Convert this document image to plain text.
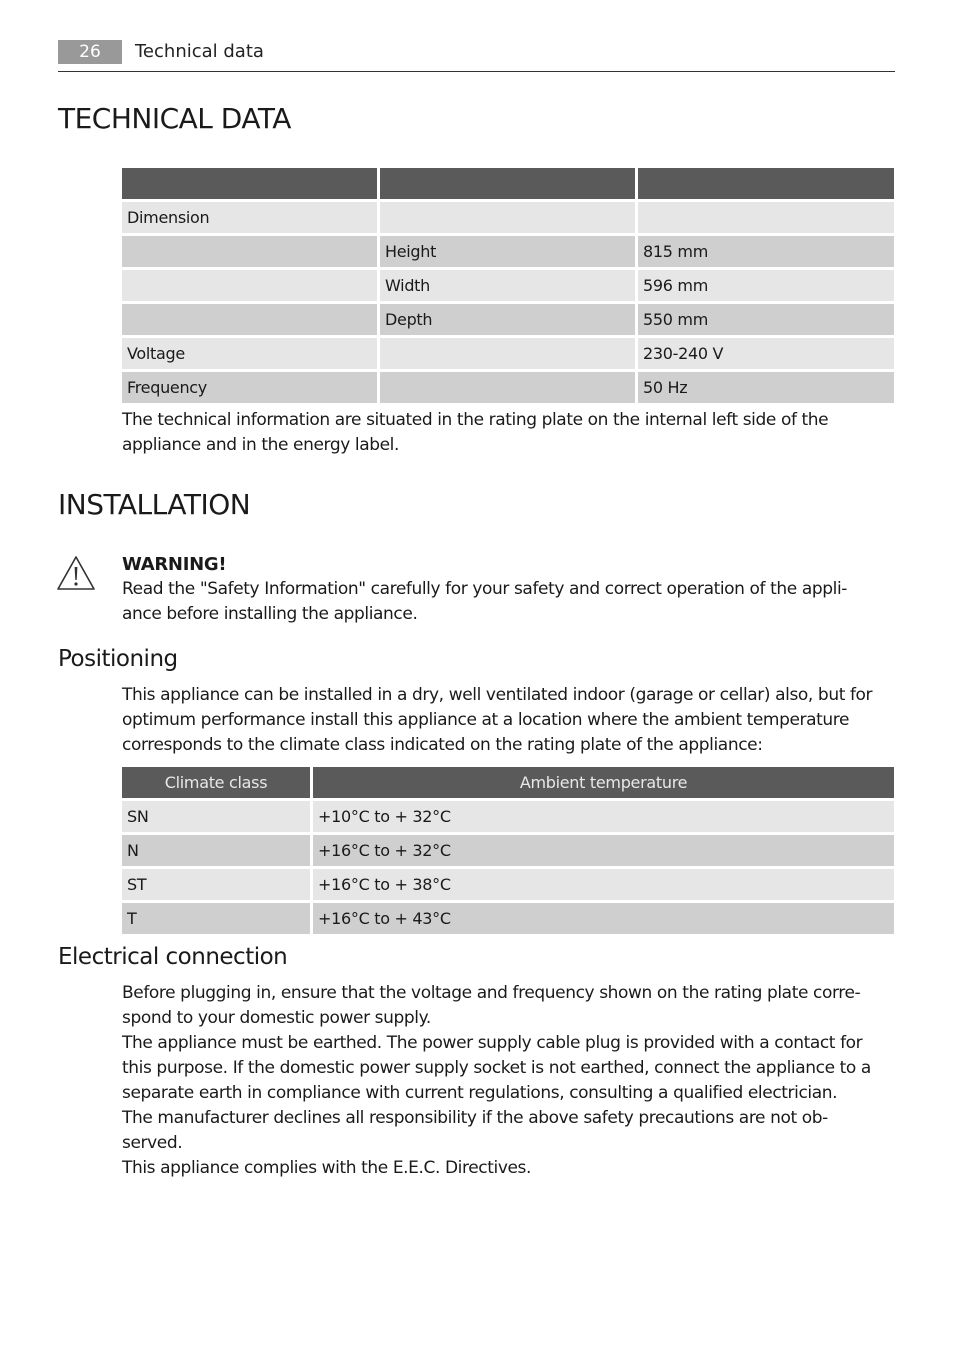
26	Technical data
TECHNICAL DATA

Dimension		
	Height	815 mm
	Width	596 mm
	Depth	550 mm
Voltage		230-240 V
Frequency		50 Hz
The technical information are situated in the rating plate on the internal left side of the
appliance and in the energy label.
INSTALLATION
WARNING!
Read the "Safety Information" carefully for your safety and correct operation of the appli-
ance before installing the appliance.
Positioning
This appliance can be installed in a dry, well ventilated indoor (garage or cellar) also, but for
optimum performance install this appliance at a location where the ambient temperature
corresponds to the climate class indicated on the rating plate of the appliance:
Climate class	Ambient temperature
SN	+10°C to + 32°C
N	+16°C to + 32°C
ST	+16°C to + 38°C
T	+16°C to + 43°C
Electrical connection
Before plugging in, ensure that the voltage and frequency shown on the rating plate corre-
spond to your domestic power supply.
The appliance must be earthed. The power supply cable plug is provided with a contact for
this purpose. If the domestic power supply socket is not earthed, connect the appliance to a
separate earth in compliance with current regulations, consulting a qualified electrician.
The manufacturer declines all responsibility if the above safety precautions are not ob-
served.
This appliance complies with the E.E.C. Directives.
